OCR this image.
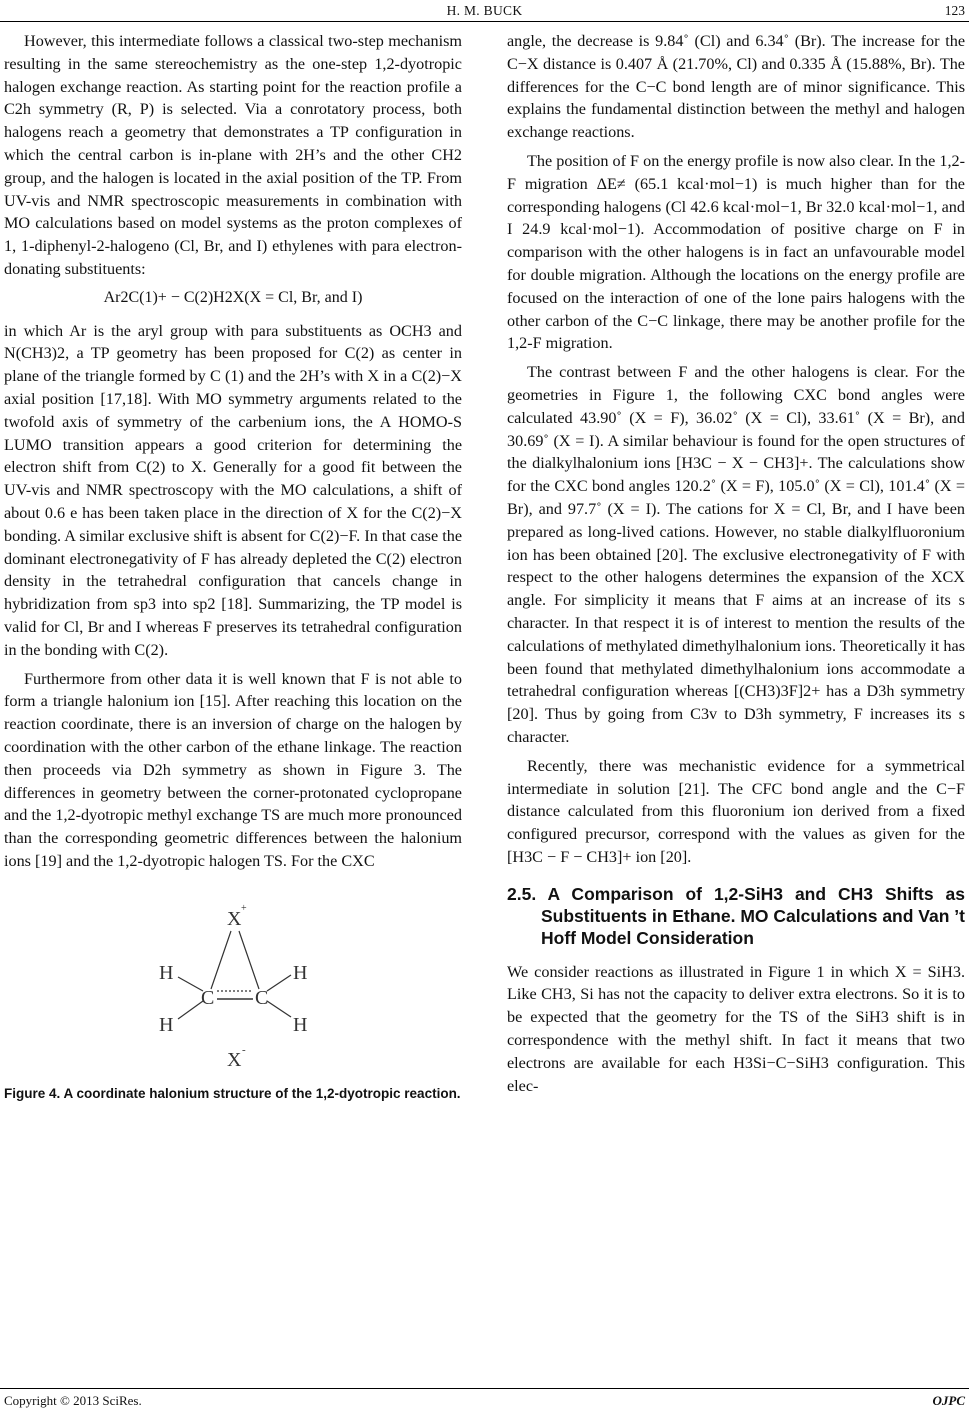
H. M. BUCK	123

However, this intermediate follows a classical two-step mechanism resulting in the same stereochemistry as the one-step 1,2-dyotropic halogen exchange reaction. As starting point for the reaction profile a C2h symmetry (R, P) is selected. Via a conrotatory process, both halogens reach a geometry that demonstrates a TP configuration in which the central carbon is in-plane with 2H’s and the other CH2 group, and the halogen is located in the axial position of the TP. From UV-vis and NMR spectroscopic measurements in combination with MO calculations based on model systems as the proton complexes of 1, 1-diphenyl-2-halogeno (Cl, Br, and I) ethylenes with para electron-donating substituents:

Ar2C(1)+ − C(2)H2X(X = Cl, Br, and I)

in which Ar is the aryl group with para substituents as OCH3 and N(CH3)2, a TP geometry has been proposed for C(2) as center in plane of the triangle formed by C (1) and the 2H’s with X in a C(2)−X axial position [17,18]. With MO symmetry arguments related to the twofold axis of symmetry of the carbenium ions, the A HOMO-S LUMO transition appears a good criterion for determining the electron shift from C(2) to X. Generally for a good fit between the UV-vis and NMR spectroscopy with the MO calculations, a shift of about 0.6 e has been taken place in the direction of X for the C(2)−X bonding. A similar exclusive shift is absent for C(2)−F. In that case the dominant electronegativity of F has already depleted the C(2) electron density in the tetrahedral configuration that cancels change in hybridization from sp3 into sp2 [18]. Summarizing, the TP model is valid for Cl, Br and I whereas F preserves its tetrahedral configuration in the bonding with C(2).

Furthermore from other data it is well known that F is not able to form a triangle halonium ion [15]. After reaching this location on the reaction coordinate, there is an inversion of charge on the halogen by coordination with the other carbon of the ethane linkage. The reaction then proceeds via D2h symmetry as shown in Figure 3. The differences in geometry between the corner-protonated cyclopropane and the 1,2-dyotropic methyl exchange TS are much more pronounced than the corresponding geometric differences between the halonium ions [19] and the 1,2-dyotropic halogen TS. For the CXC

X +
H
H
H
H
C C
X -
Figure 4. A coordinate halonium structure of the 1,2-dyotropic reaction.

angle, the decrease is 9.84˚ (Cl) and 6.34˚ (Br). The increase for the C−X distance is 0.407 Å (21.70%, Cl) and 0.335 Å (15.88%, Br). The differences for the C−C bond length are of minor significance. This explains the fundamental distinction between the methyl and halogen exchange reactions.

The position of F on the energy profile is now also clear. In the 1,2-F migration ΔE≠ (65.1 kcal·mol−1) is much higher than for the corresponding halogens (Cl 42.6 kcal·mol−1, Br 32.0 kcal·mol−1, and I 24.9 kcal·mol−1). Accommodation of positive charge on F in comparison with the other halogens is in fact an unfavourable model for double migration. Although the locations on the energy profile are focused on the interaction of one of the lone pairs halogens with the other carbon of the C−C linkage, there may be another profile for the 1,2-F migration.

The contrast between F and the other halogens is clear. For the geometries in Figure 1, the following CXC bond angles were calculated 43.90˚ (X = F), 36.02˚ (X = Cl), 33.61˚ (X = Br), and 30.69˚ (X = I). A similar behaviour is found for the open structures of the dialkylhalonium ions [H3C − X − CH3]+. The calculations show for the CXC bond angles 120.2˚ (X = F), 105.0˚ (X = Cl), 101.4˚ (X = Br), and 97.7˚ (X = I). The cations for X = Cl, Br, and I have been prepared as long-lived cations. However, no stable dialkylfluoronium ion has been obtained [20]. The exclusive electronegativity of F with respect to the other halogens determines the expansion of the XCX angle. For simplicity it means that F aims at an increase of its s character. In that respect it is of interest to mention the results of the calculations of methylated dimethylhalonium ions. Theoretically it has been found that methylated dimethylhalonium ions accommodate a tetrahedral configuration whereas [(CH3)3F]2+ has a D3h symmetry [20]. Thus by going from C3v to D3h symmetry, F increases its s character.

Recently, there was mechanistic evidence for a symmetrical intermediate in solution [21]. The CFC bond angle and the C−F distance calculated from this fluoronium ion derived from a fixed configured precursor, correspond with the values as given for the [H3C − F − CH3]+ ion [20].

2.5. A Comparison of 1,2-SiH3 and CH3 Shifts as Substituents in Ethane. MO Calculations and Van ’t Hoff Model Consideration

We consider reactions as illustrated in Figure 1 in which X = SiH3. Like CH3, Si has not the capacity to deliver extra electrons. So it is to be expected that the geometry for the TS of the SiH3 shift is in correspondence with the methyl shift. In fact it means that two electrons are available for each H3Si−C−SiH3 configuration. This elec-

Copyright © 2013 SciRes.	OJPC
